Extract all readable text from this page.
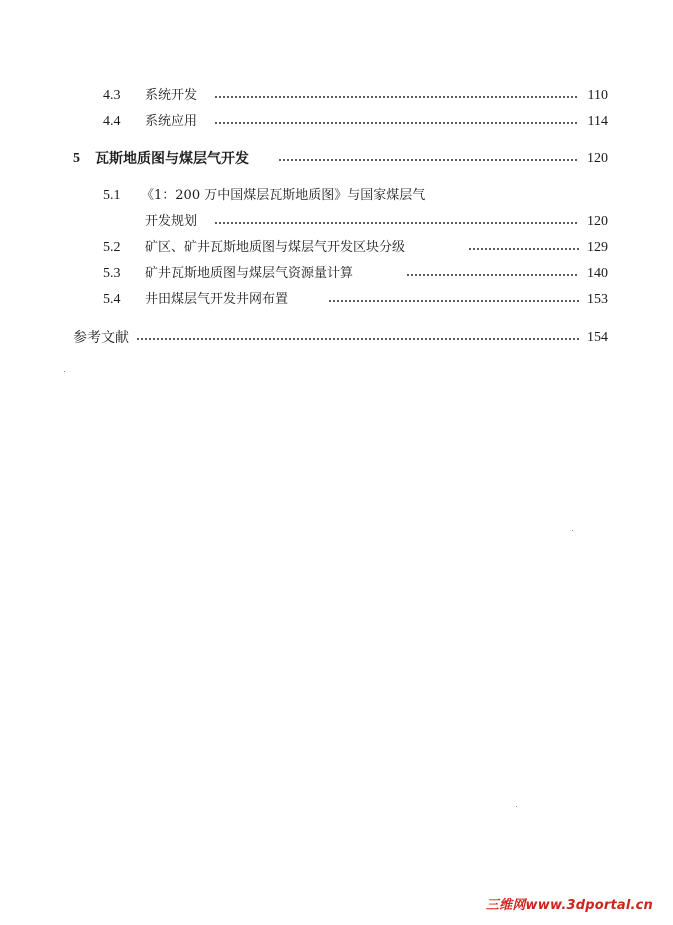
4.3 系统开发	110
4.4 系统应用	114
5 瓦斯地质图与煤层气开发	120
5.1 《1：200 万中国煤层瓦斯地质图》与国家煤层气
开发规划	120
5.2 矿区、矿井瓦斯地质图与煤层气开发区块分级	129
5.3 矿井瓦斯地质图与煤层气资源量计算	140
5.4 井田煤层气开发井网布置	153
参考文献	154
三维网www.3dportal.cn
